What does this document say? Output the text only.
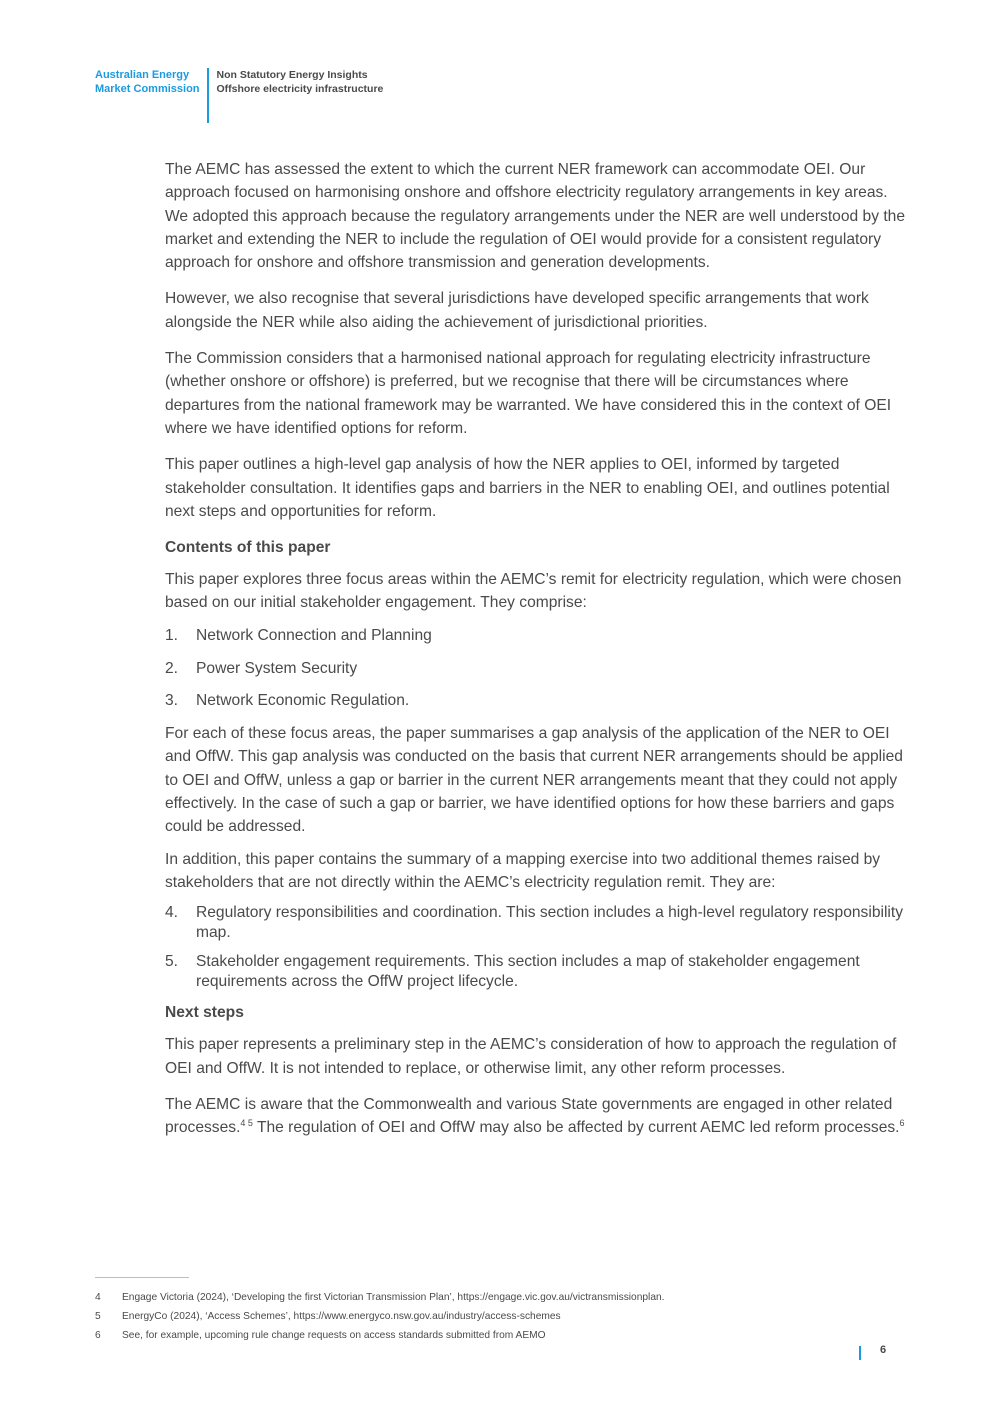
Australian Energy
Market Commission
Non Statutory Energy Insights
Offshore electricity infrastructure

The AEMC has assessed the extent to which the current NER framework can accommodate OEI. Our approach focused on harmonising onshore and offshore electricity regulatory arrangements in key areas. We adopted this approach because the regulatory arrangements under the NER are well understood by the market and extending the NER to include the regulation of OEI would provide for a consistent regulatory approach for onshore and offshore transmission and generation developments.

However, we also recognise that several jurisdictions have developed specific arrangements that work alongside the NER while also aiding the achievement of jurisdictional priorities.

The Commission considers that a harmonised national approach for regulating electricity infrastructure (whether onshore or offshore) is preferred, but we recognise that there will be circumstances where departures from the national framework may be warranted. We have considered this in the context of OEI where we have identified options for reform.

This paper outlines a high-level gap analysis of how the NER applies to OEI, informed by targeted stakeholder consultation. It identifies gaps and barriers in the NER to enabling OEI, and outlines potential next steps and opportunities for reform.

Contents of this paper

This paper explores three focus areas within the AEMC’s remit for electricity regulation, which were chosen based on our initial stakeholder engagement. They comprise:

1.	Network Connection and Planning
2.	Power System Security
3.	Network Economic Regulation.

For each of these focus areas, the paper summarises a gap analysis of the application of the NER to OEI and OffW. This gap analysis was conducted on the basis that current NER arrangements should be applied to OEI and OffW, unless a gap or barrier in the current NER arrangements meant that they could not apply effectively. In the case of such a gap or barrier, we have identified options for how these barriers and gaps could be addressed.

In addition, this paper contains the summary of a mapping exercise into two additional themes raised by stakeholders that are not directly within the AEMC’s electricity regulation remit. They are:

4.	Regulatory responsibilities and coordination. This section includes a high-level regulatory responsibility map.
5.	Stakeholder engagement requirements. This section includes a map of stakeholder engagement requirements across the OffW project lifecycle.
Next steps

This paper represents a preliminary step in the AEMC’s consideration of how to approach the regulation of OEI and OffW. It is not intended to replace, or otherwise limit, any other reform processes.

The AEMC is aware that the Commonwealth and various State governments are engaged in other related processes.$^{4 5}$ The regulation of OEI and OffW may also be affected by current AEMC led reform processes.$^6$

4	Engage Victoria (2024), ‘Developing the first Victorian Transmission Plan’, https://engage.vic.gov.au/victransmissionplan.
5	EnergyCo (2024), ‘Access Schemes’, https://www.energyco.nsw.gov.au/industry/access-schemes
6	See, for example, upcoming rule change requests on access standards submitted from AEMO
6
